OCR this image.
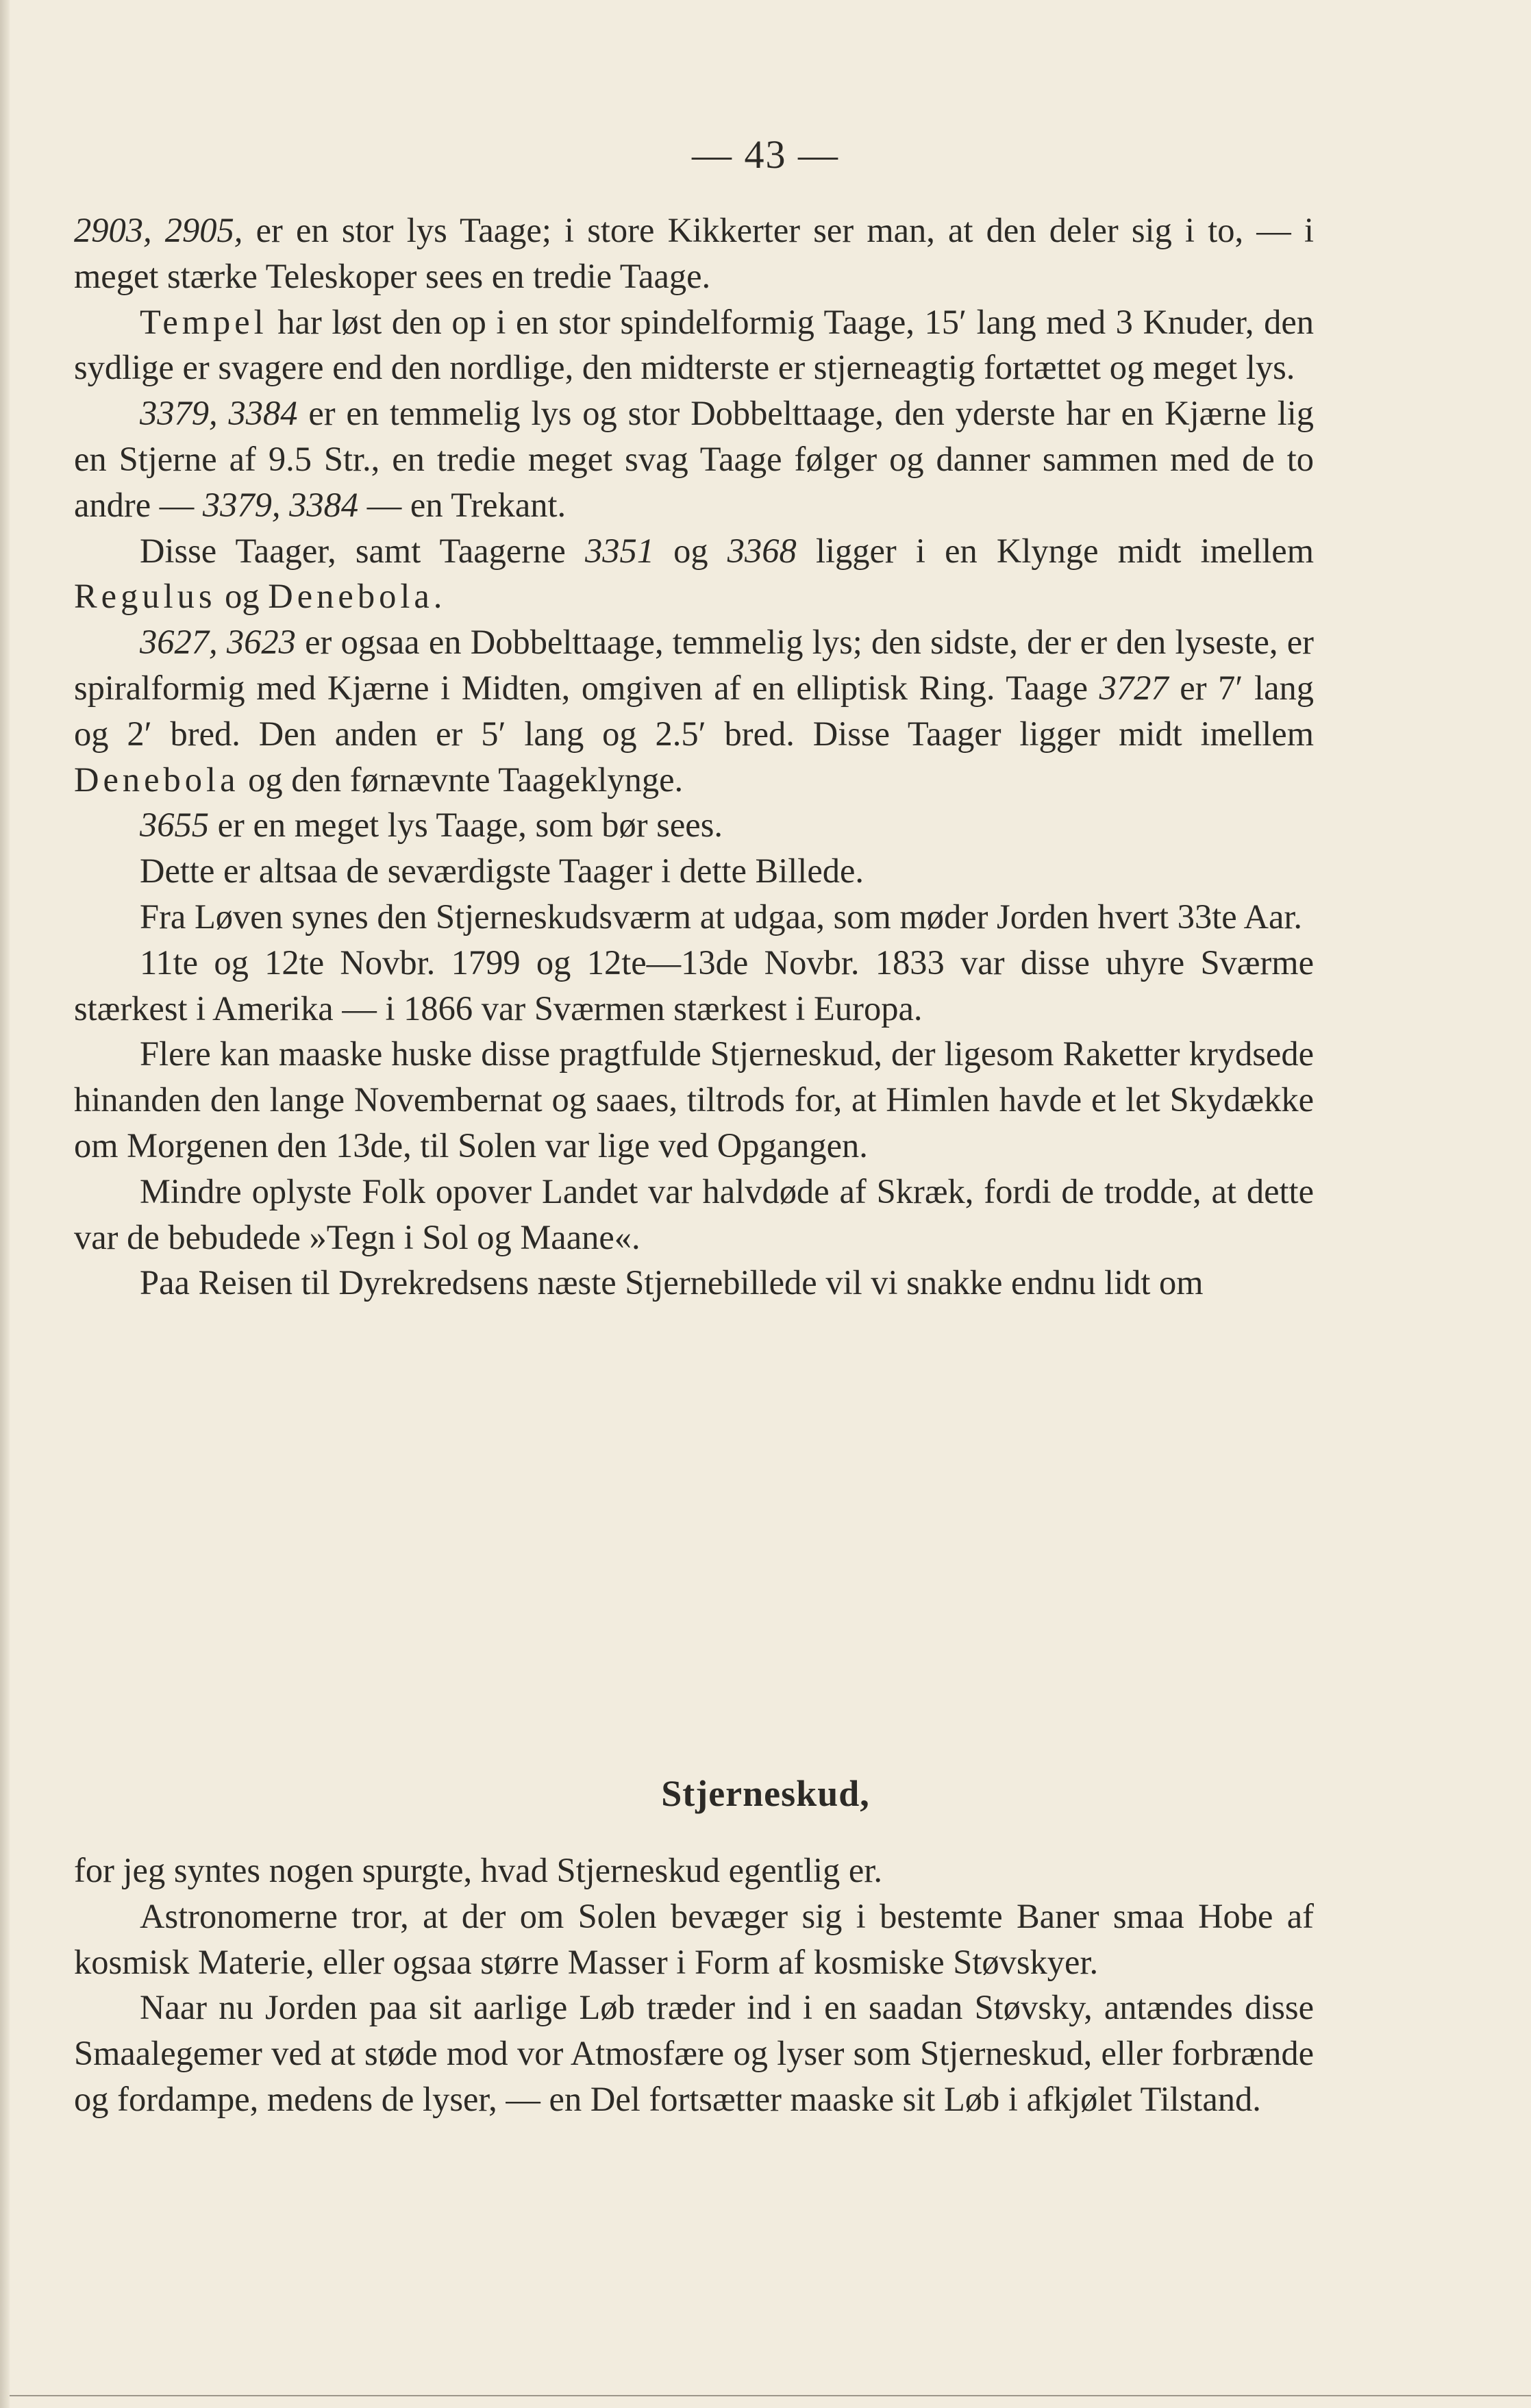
— 43 —

2903, 2905, er en stor lys Taage; i store Kikkerter ser man, at den deler sig i to, — i meget stærke Teleskoper sees en tredie Taage.

Tempel har løst den op i en stor spindelformig Taage, 15′ lang med 3 Knuder, den sydlige er svagere end den nordlige, den midterste er stjerneagtig fortættet og meget lys.

3379, 3384 er en temmelig lys og stor Dobbelttaage, den yderste har en Kjærne lig en Stjerne af 9.5 Str., en tredie meget svag Taage følger og danner sammen med de to andre — 3379, 3384 — en Trekant.

Disse Taager, samt Taagerne 3351 og 3368 ligger i en Klynge midt imellem Regulus og Denebola.

3627, 3623 er ogsaa en Dobbelttaage, temmelig lys; den sidste, der er den lyseste, er spiralformig med Kjærne i Midten, omgiven af en elliptisk Ring. Taage 3727 er 7′ lang og 2′ bred. Den anden er 5′ lang og 2.5′ bred. Disse Taager ligger midt imellem Denebola og den førnævnte Taageklynge.

3655 er en meget lys Taage, som bør sees.

Dette er altsaa de seværdigste Taager i dette Billede.

Fra Løven synes den Stjerneskudsværm at udgaa, som møder Jorden hvert 33te Aar.

11te og 12te Novbr. 1799 og 12te—13de Novbr. 1833 var disse uhyre Sværme stærkest i Amerika — i 1866 var Sværmen stærkest i Europa.

Flere kan maaske huske disse pragtfulde Stjerneskud, der ligesom Raketter krydsede hinanden den lange Novembernat og saaes, tiltrods for, at Himlen havde et let Skydække om Morgenen den 13de, til Solen var lige ved Opgangen.

Mindre oplyste Folk opover Landet var halvdøde af Skræk, fordi de trodde, at dette var de bebudede »Tegn i Sol og Maane«.

Paa Reisen til Dyrekredsens næste Stjernebillede vil vi snakke endnu lidt om

Stjerneskud,

for jeg syntes nogen spurgte, hvad Stjerneskud egentlig er.

Astronomerne tror, at der om Solen bevæger sig i bestemte Baner smaa Hobe af kosmisk Materie, eller ogsaa større Masser i Form af kosmiske Støvskyer.

Naar nu Jorden paa sit aarlige Løb træder ind i en saadan Støvsky, antændes disse Smaalegemer ved at støde mod vor Atmosfære og lyser som Stjerneskud, eller forbrænde og fordampe, medens de lyser, — en Del fortsætter maaske sit Løb i afkjølet Tilstand.
